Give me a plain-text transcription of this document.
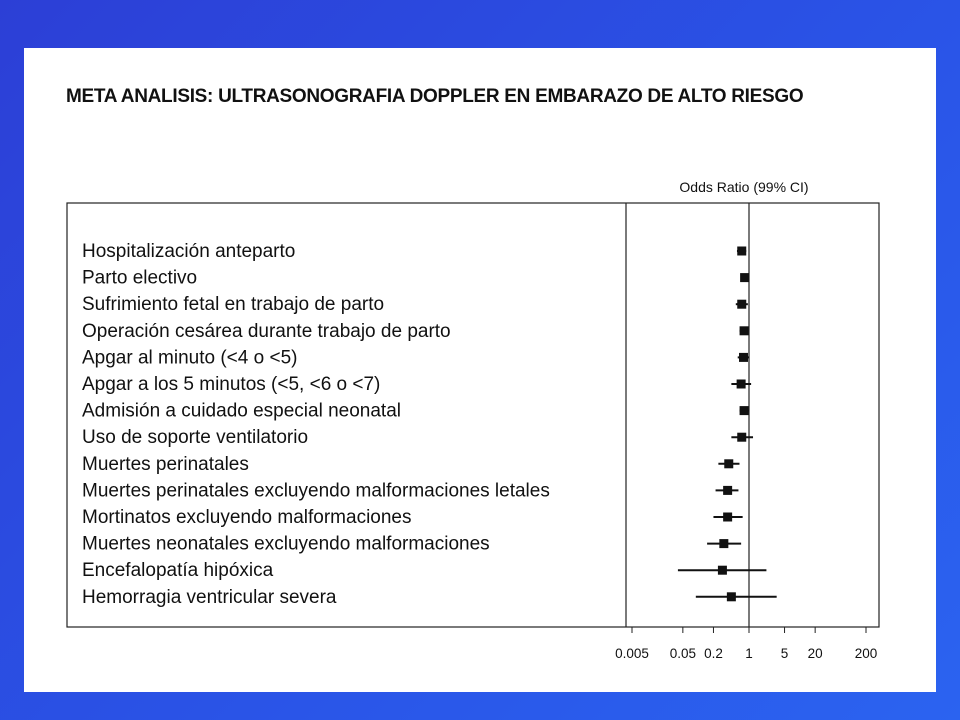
META ANALISIS: ULTRASONOGRAFIA DOPPLER EN EMBARAZO DE ALTO RIESGO
Odds Ratio (99% CI)
Hospitalización anteparto
Parto electivo
Sufrimiento fetal en trabajo de parto
Operación cesárea durante trabajo de parto
Apgar al minuto (<4 o <5)
Apgar a los 5 minutos (<5, <6 o <7)
Admisión a cuidado especial neonatal
Uso de soporte ventilatorio
Muertes perinatales
Muertes perinatales excluyendo malformaciones letales
Mortinatos excluyendo malformaciones
Muertes neonatales excluyendo malformaciones
Encefalopatía hipóxica
Hemorragia ventricular severa
0.005 0.05 0.2 1 5 20 200
